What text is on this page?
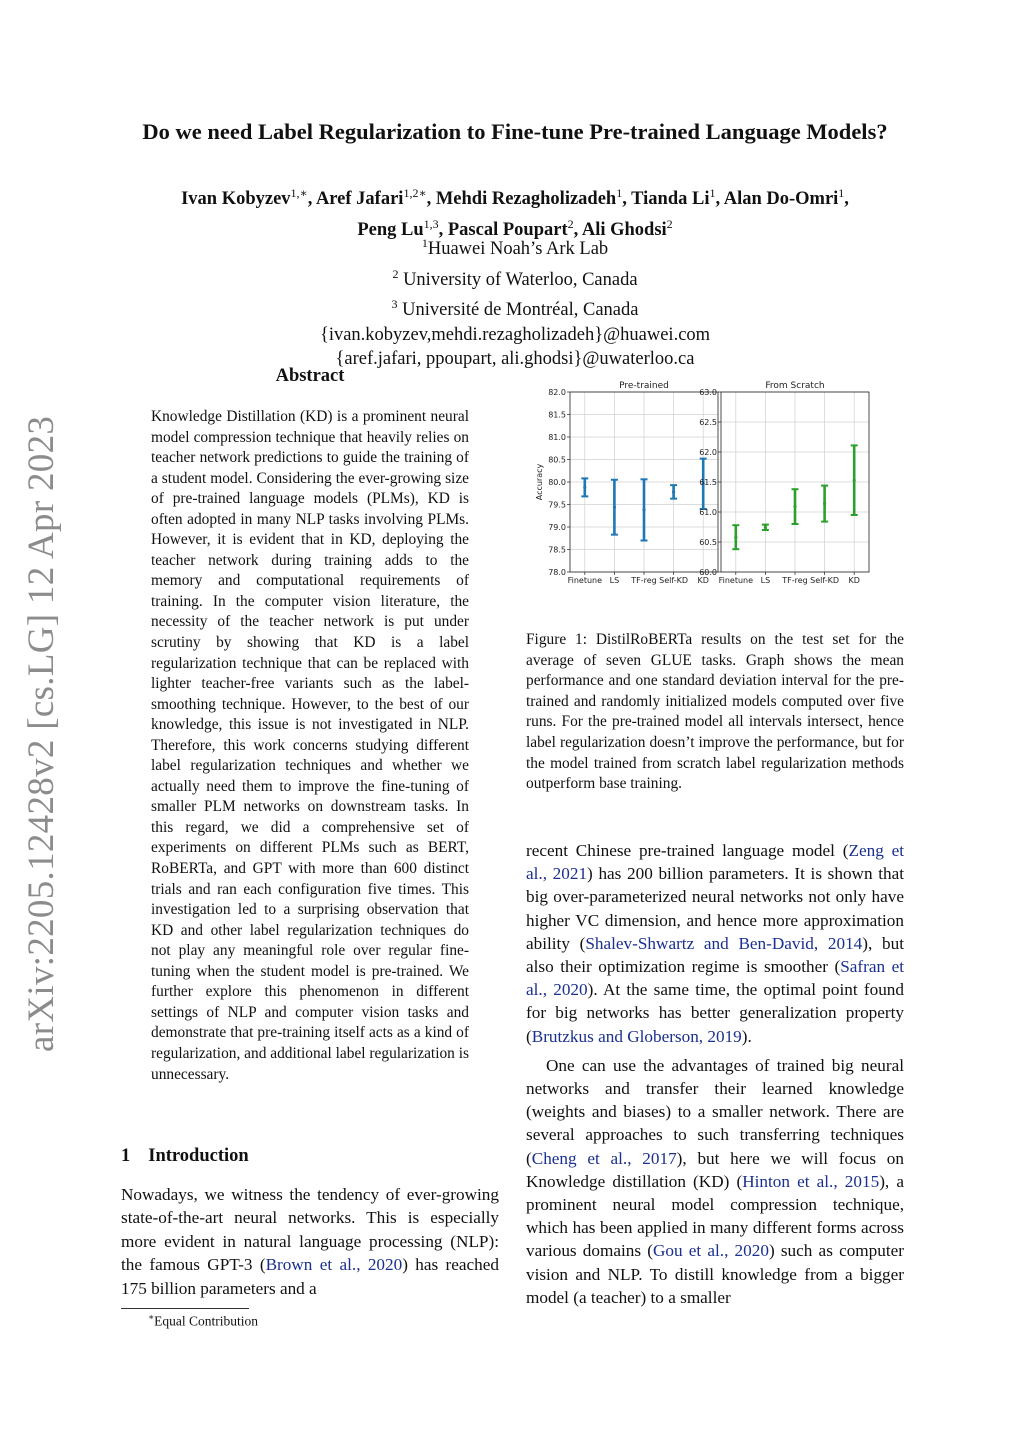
arXiv:2205.12428v2 [cs.LG] 12 Apr 2023
Do we need Label Regularization to Fine-tune Pre-trained Language Models?
Ivan Kobyzev$^{1,∗}$, Aref Jafari$^{1,2∗}$, Mehdi Rezagholizadeh$^1$, Tianda Li$^1$, Alan Do-Omri$^1$,
Peng Lu$^{1,3}$, Pascal Poupart$^2$, Ali Ghodsi$^2$
$^1$Huawei Noah’s Ark Lab
$^2$ University of Waterloo, Canada
$^3$ Université de Montréal, Canada
{ivan.kobyzev,mehdi.rezagholizadeh}@huawei.com
{aref.jafari, ppoupart, ali.ghodsi}@uwaterloo.ca
Abstract
Knowledge Distillation (KD) is a prominent neural model compression technique that heavily relies on teacher network predictions to guide the training of a student model. Considering the ever-growing size of pre-trained language models (PLMs), KD is often adopted in many NLP tasks involving PLMs. However, it is evident that in KD, deploying the teacher network during training adds to the memory and computational requirements of training. In the computer vision literature, the necessity of the teacher network is put under scrutiny by showing that KD is a label regularization technique that can be replaced with lighter teacher-free variants such as the label-smoothing technique. However, to the best of our knowledge, this issue is not investigated in NLP. Therefore, this work concerns studying different label regularization techniques and whether we actually need them to improve the fine-tuning of smaller PLM networks on downstream tasks. In this regard, we did a comprehensive set of experiments on different PLMs such as BERT, RoBERTa, and GPT with more than 600 distinct trials and ran each configuration five times. This investigation led to a surprising observation that KD and other label regularization techniques do not play any meaningful role over regular fine-tuning when the student model is pre-trained. We further explore this phenomenon in different settings of NLP and computer vision tasks and demonstrate that pre-training itself acts as a kind of regularization, and additional label regularization is unnecessary.
1 Introduction
Nowadays, we witness the tendency of ever-growing state-of-the-art neural networks. This is especially more evident in natural language processing (NLP): the famous GPT-3 (Brown et al., 2020) has reached 175 billion parameters and a
∗Equal Contribution
78.0
78.5
79.0
79.5
80.0
80.5
81.0
81.5
82.0
Finetune LS TF-reg Self-KD KD
Pre-trained
Accuracy
60.0
60.5
61.0
61.5
62.0
62.5
63.0
Finetune LS TF-reg Self-KD KD
From Scratch
Figure 1: DistilRoBERTa results on the test set for the average of seven GLUE tasks. Graph shows the mean performance and one standard deviation interval for the pre-trained and randomly initialized models computed over five runs. For the pre-trained model all intervals intersect, hence label regularization doesn’t improve the performance, but for the model trained from scratch label regularization methods outperform base training.

recent Chinese pre-trained language model (Zeng et al., 2021) has 200 billion parameters. It is shown that big over-parameterized neural networks not only have higher VC dimension, and hence more approximation ability (Shalev-Shwartz and Ben-David, 2014), but also their optimization regime is smoother (Safran et al., 2020). At the same time, the optimal point found for big networks has better generalization property (Brutzkus and Globerson, 2019).

One can use the advantages of trained big neural networks and transfer their learned knowledge (weights and biases) to a smaller network. There are several approaches to such transferring techniques (Cheng et al., 2017), but here we will focus on Knowledge distillation (KD) (Hinton et al., 2015), a prominent neural model compression technique, which has been applied in many different forms across various domains (Gou et al., 2020) such as computer vision and NLP. To distill knowledge from a bigger model (a teacher) to a smaller
